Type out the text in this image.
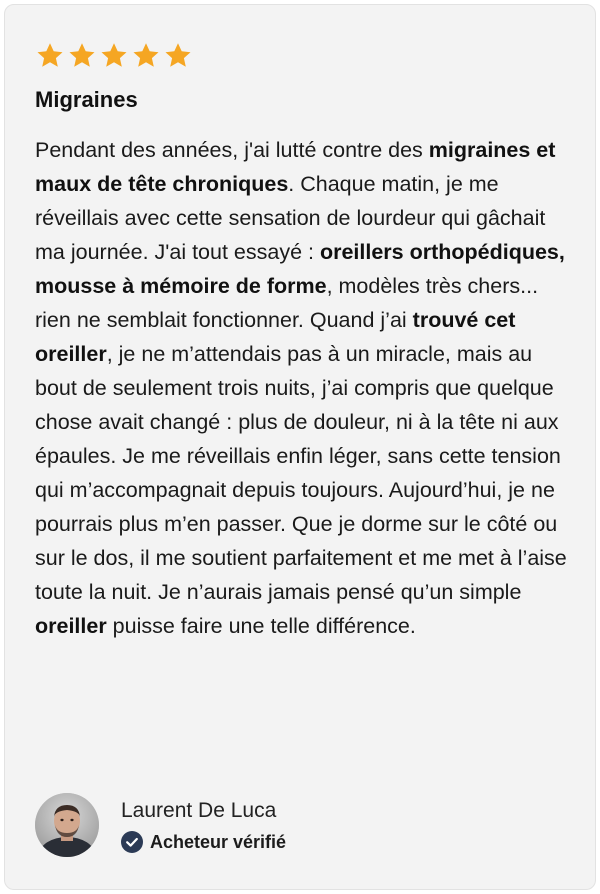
Migraines

Pendant des années, j'ai lutté contre des migraines et maux de tête chroniques. Chaque matin, je me réveillais avec cette sensation de lourdeur qui gâchait ma journée. J'ai tout essayé : oreillers orthopédiques, mousse à mémoire de forme, modèles très chers... rien ne semblait fonctionner. Quand j’ai trouvé cet oreiller, je ne m’attendais pas à un miracle, mais au bout de seulement trois nuits, j’ai compris que quelque chose avait changé : plus de douleur, ni à la tête ni aux épaules. Je me réveillais enfin léger, sans cette tension qui m’accompagnait depuis toujours. Aujourd’hui, je ne pourrais plus m’en passer. Que je dorme sur le côté ou sur le dos, il me soutient parfaitement et me met à l’aise toute la nuit. Je n’aurais jamais pensé qu’un simple oreiller puisse faire une telle différence.

Laurent De Luca
Acheteur vérifié
